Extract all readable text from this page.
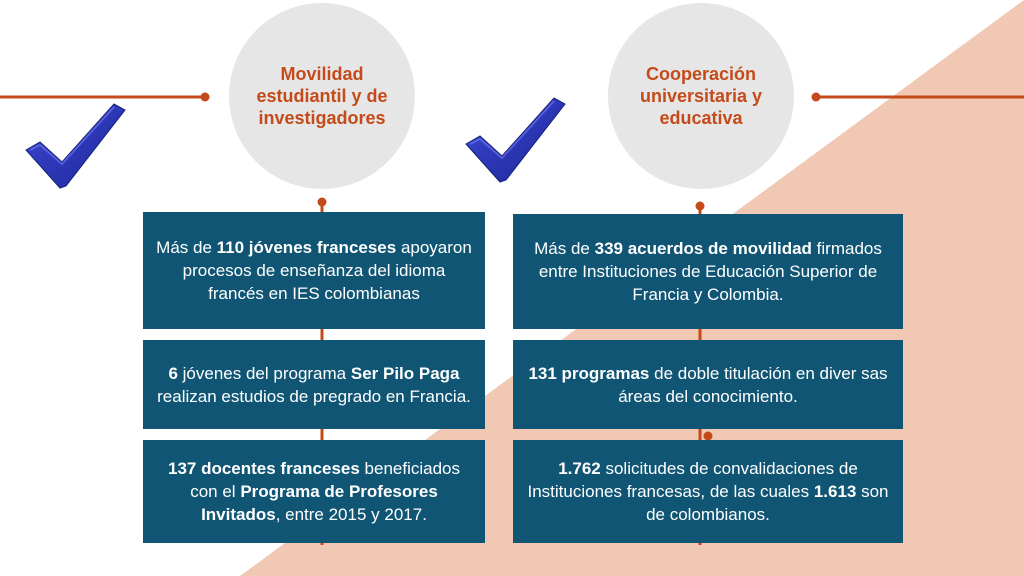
Movilidad
estudiantil y de
investigadores
Cooperación
universitaria y
educativa

Más de 110 jóvenes franceses apoyaron procesos de enseñanza del idioma francés en IES colombianas

6 jóvenes del programa Ser Pilo Paga realizan estudios de pregrado en Francia.

137 docentes franceses beneficiados con el Programa de Profesores Invitados, entre 2015 y 2017.

Más de 339 acuerdos de movilidad firmados entre Instituciones de Educación Superior de Francia y Colombia.

131 programas de doble titulación en diver sas áreas del conocimiento.

1.762 solicitudes de convalidaciones de Instituciones francesas, de las cuales 1.613 son de colombianos.
